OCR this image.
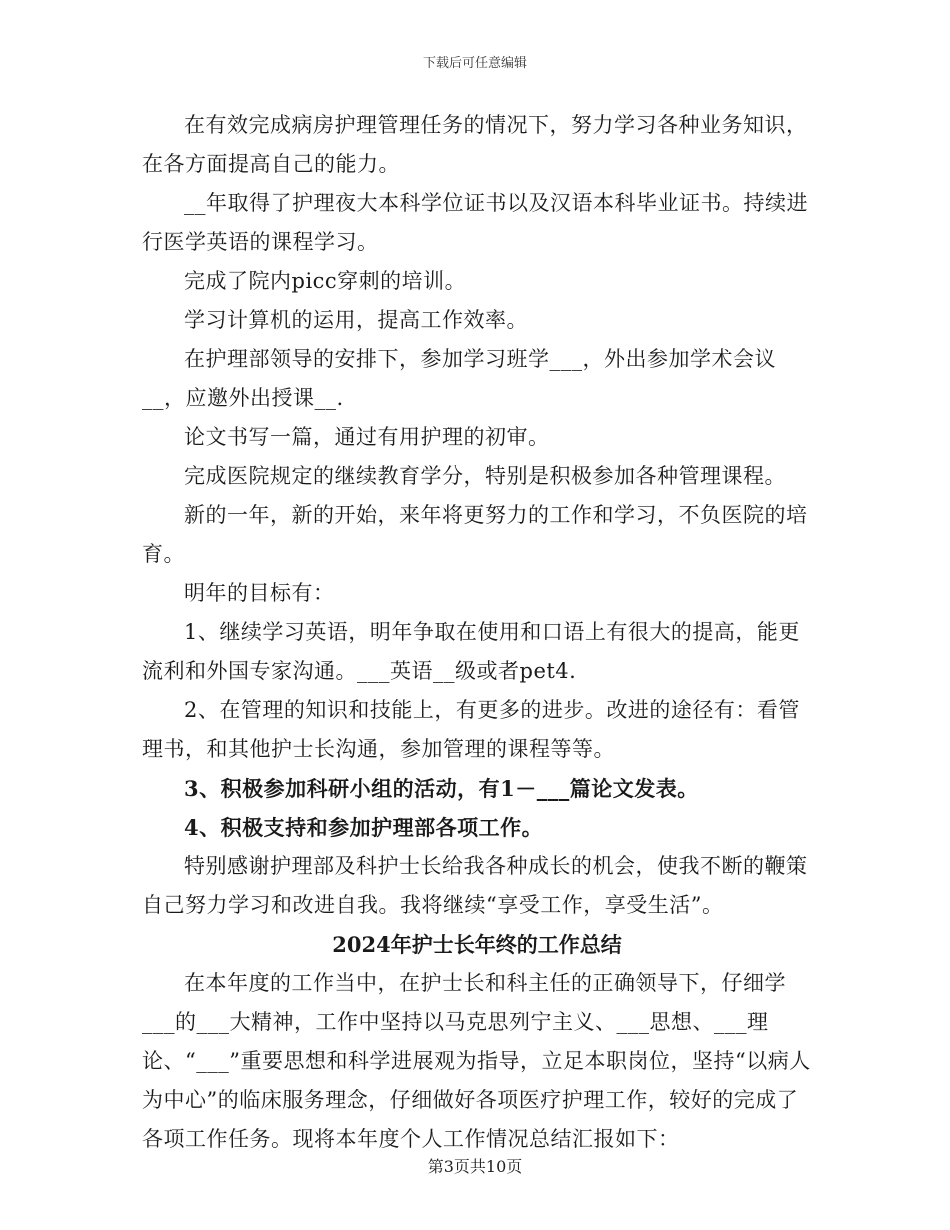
下载后可任意编辑

在有效完成病房护理管理任务的情况下，努力学习各种业务知识，在各方面提高自己的能力。

__年取得了护理夜大本科学位证书以及汉语本科毕业证书。持续进行医学英语的课程学习。

完成了院内picc穿刺的培训。

学习计算机的运用，提高工作效率。

在护理部领导的安排下，参加学习班学___，外出参加学术会议__，应邀外出授课__.

论文书写一篇，通过有用护理的初审。

完成医院规定的继续教育学分，特别是积极参加各种管理课程。

新的一年，新的开始，来年将更努力的工作和学习，不负医院的培育。

明年的目标有：

1、继续学习英语，明年争取在使用和口语上有很大的提高，能更流利和外国专家沟通。___英语__级或者pet4.

2、在管理的知识和技能上，有更多的进步。改进的途径有：看管理书，和其他护士长沟通，参加管理的课程等等。

3、积极参加科研小组的活动，有1－___篇论文发表。

4、积极支持和参加护理部各项工作。

特别感谢护理部及科护士长给我各种成长的机会，使我不断的鞭策自己努力学习和改进自我。我将继续“享受工作，享受生活”。

2024年护士长年终的工作总结

在本年度的工作当中，在护士长和科主任的正确领导下，仔细学___的___大精神，工作中坚持以马克思列宁主义、___思想、___理论、“___”重要思想和科学进展观为指导，立足本职岗位，坚持“以病人为中心”的临床服务理念，仔细做好各项医疗护理工作，较好的完成了各项工作任务。现将本年度个人工作情况总结汇报如下：

第3页共10页
